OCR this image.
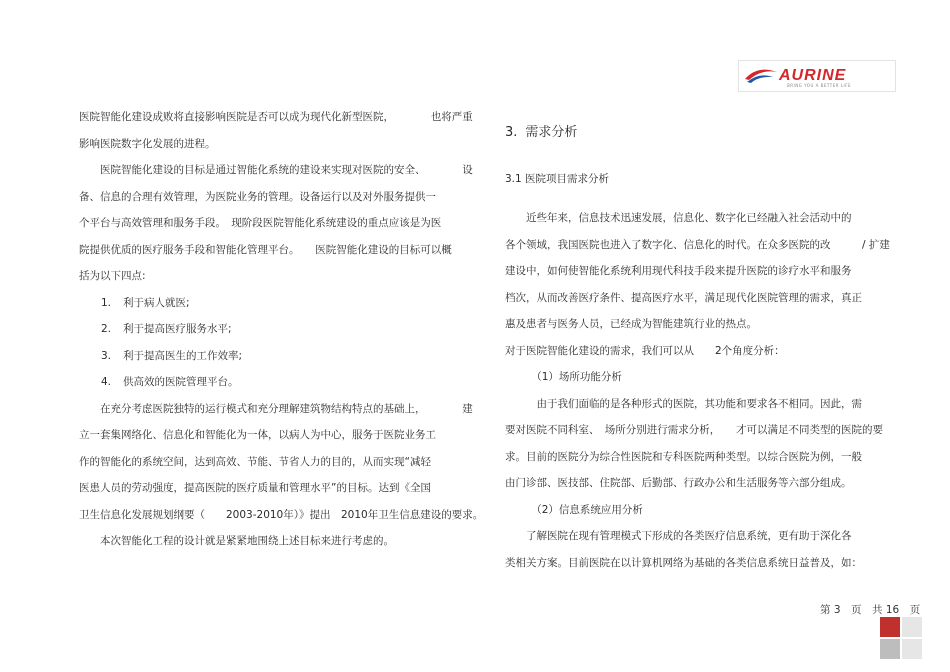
AURINE
BRING YOU A BETTER LIFE

医院智能化建设成败将直接影响医院是否可以成为现代化新型医院，　　　　也将严重

影响医院数字化发展的进程。

　　医院智能化建设的目标是通过智能化系统的建设来实现对医院的安全、　　　　设

备、信息的合理有效管理，为医院业务的管理。设备运行以及对外服务提供一

个平台与高效管理和服务手段。　现阶段医院智能化系统建设的重点应该是为医

院提供优质的医疗服务手段和智能化管理平台。　　医院智能化建设的目标可以概

括为以下四点:

1. 利于病人就医;

2. 利于提高医疗服务水平;

3. 利于提高医生的工作效率;

4. 供高效的医院管理平台。

　　在充分考虑医院独特的运行模式和充分理解建筑物结构特点的基础上，　　　　建

立一套集网络化、信息化和智能化为一体，以病人为中心，服务于医院业务工

作的智能化的系统空间，达到高效、节能、节省人力的目的，从而实现“减轻

医患人员的劳动强度，提高医院的医疗质量和管理水平”的目标。达到《全国

卫生信息化发展规划纲要（　　2003-2010年）》提出　2010年卫生信息建设的要求。

　　本次智能化工程的设计就是紧紧地围绕上述目标来进行考虑的。

3. 需求分析
3.1 医院项目需求分析

　　近些年来，信息技术迅速发展，信息化、数字化已经融入社会活动中的

各个领域，我国医院也进入了数字化、信息化的时代。在众多医院的改　　　/ 扩建

建设中，如何使智能化系统利用现代科技手段来提升医院的诊疗水平和服务

档次，从而改善医疗条件、提高医疗水平，满足现代化医院管理的需求，真正

惠及患者与医务人员，已经成为智能建筑行业的热点。

对于医院智能化建设的需求，我们可以从　　2个角度分析：

　　　（1）场所功能分析

　　　由于我们面临的是各种形式的医院，其功能和要求各不相同。因此，需

要对医院不同科室、　场所分别进行需求分析，　　才可以满足不同类型的医院的要

求。目前的医院分为综合性医院和专科医院两种类型。以综合医院为例，一般

由门诊部、医技部、住院部、后勤部、行政办公和生活服务等六部分组成。

　　　（2）信息系统应用分析

　　了解医院在现有管理模式下形成的各类医疗信息系统，更有助于深化各

类相关方案。目前医院在以计算机网络为基础的各类信息系统日益普及，如：

第 3　页　共 16　页
